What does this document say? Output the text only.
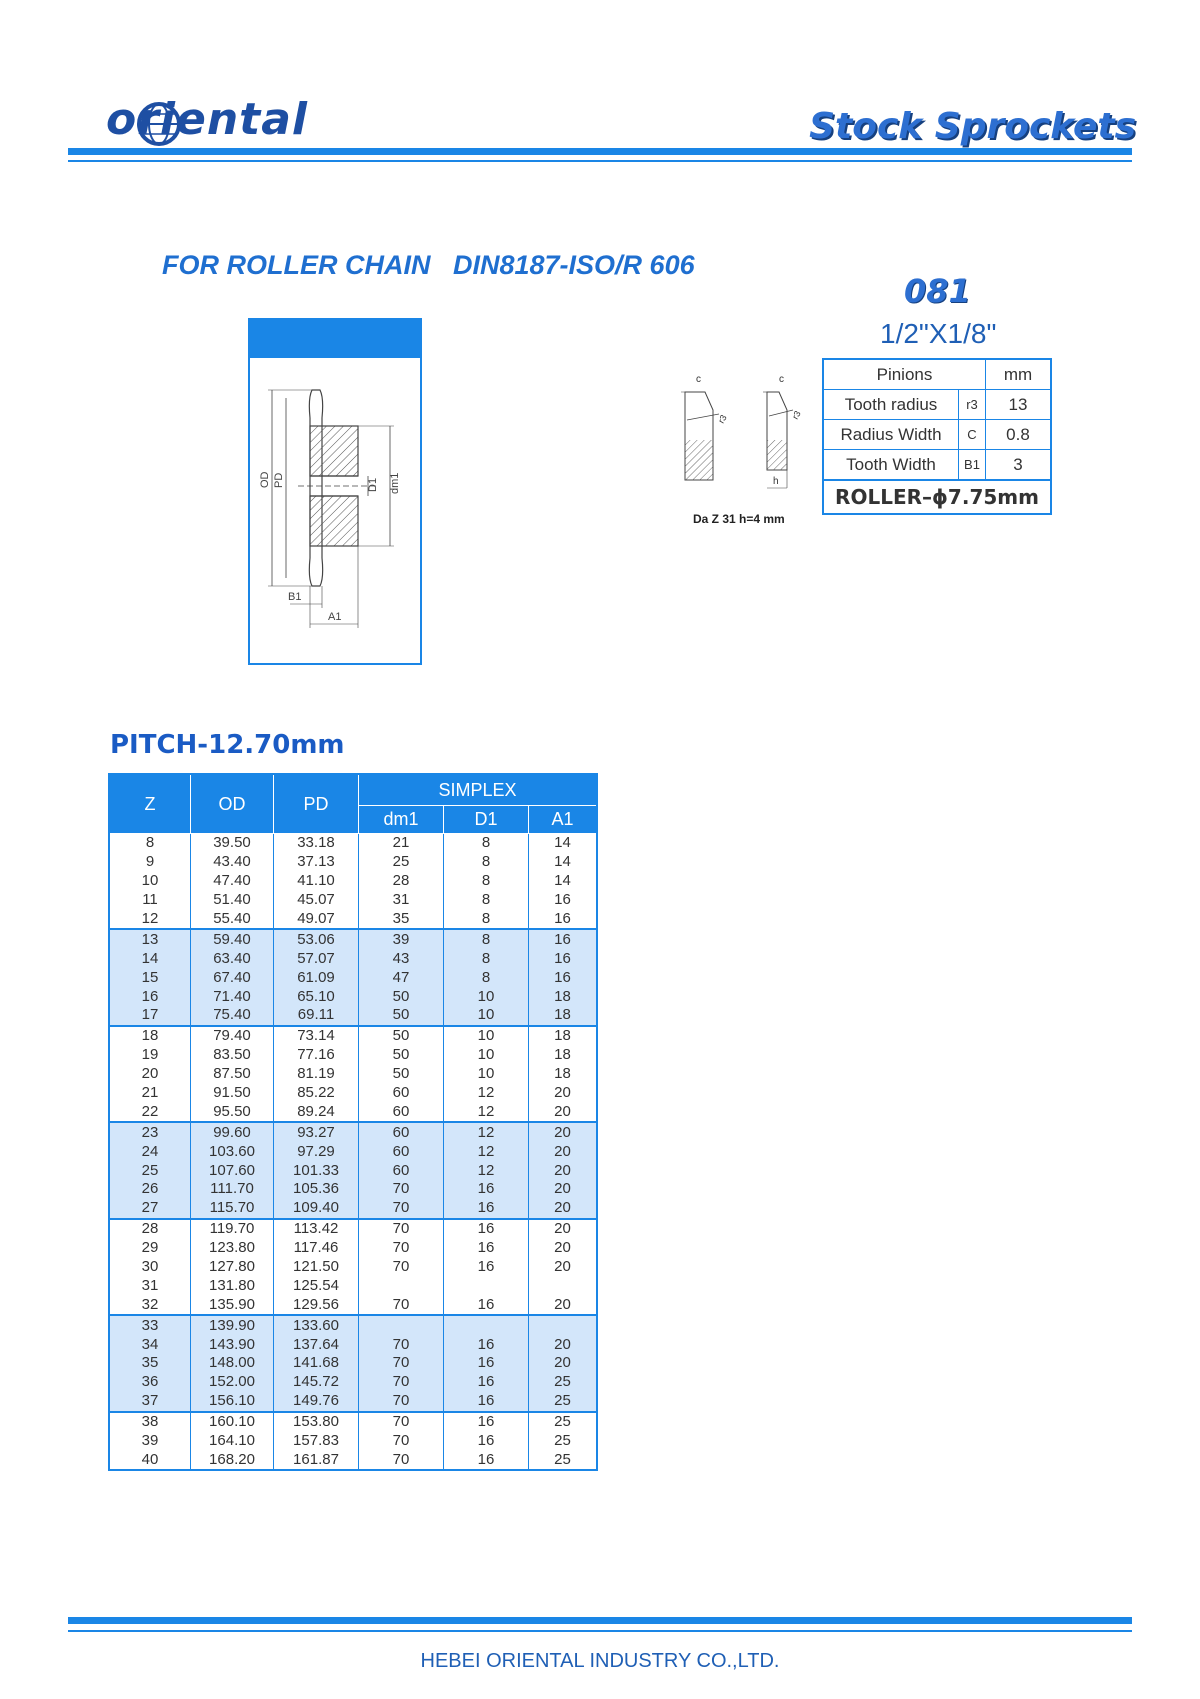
oriental	Stock Sprockets
FOR ROLLER CHAIN   DIN8187-ISO/R 606
081
1/2"X1/8"
OD PD	D1 dm1
B1
A1
c
r3
c
r3
h
Da Z 31 h=4 mm
Pinions		mm
Tooth radius	r3	13
Radius Width	C	0.8
Tooth Width	B1	3
ROLLER–ϕ7.75mm		
PITCH-12.70mm
Z	OD	PD	SIMPLEX		
			dm1	D1	A1
8	39.50	33.18	21	8	14
9	43.40	37.13	25	8	14
10	47.40	41.10	28	8	14
11	51.40	45.07	31	8	16
12	55.40	49.07	35	8	16
13	59.40	53.06	39	8	16
14	63.40	57.07	43	8	16
15	67.40	61.09	47	8	16
16	71.40	65.10	50	10	18
17	75.40	69.11	50	10	18
18	79.40	73.14	50	10	18
19	83.50	77.16	50	10	18
20	87.50	81.19	50	10	18
21	91.50	85.22	60	12	20
22	95.50	89.24	60	12	20
23	99.60	93.27	60	12	20
24	103.60	97.29	60	12	20
25	107.60	101.33	60	12	20
26	111.70	105.36	70	16	20
27	115.70	109.40	70	16	20
28	119.70	113.42	70	16	20
29	123.80	117.46	70	16	20
30	127.80	121.50	70	16	20
31	131.80	125.54			
32	135.90	129.56	70	16	20
33	139.90	133.60			
34	143.90	137.64	70	16	20
35	148.00	141.68	70	16	20
36	152.00	145.72	70	16	25
37	156.10	149.76	70	16	25
38	160.10	153.80	70	16	25
39	164.10	157.83	70	16	25
40	168.20	161.87	70	16	25
HEBEI ORIENTAL INDUSTRY CO.,LTD.
